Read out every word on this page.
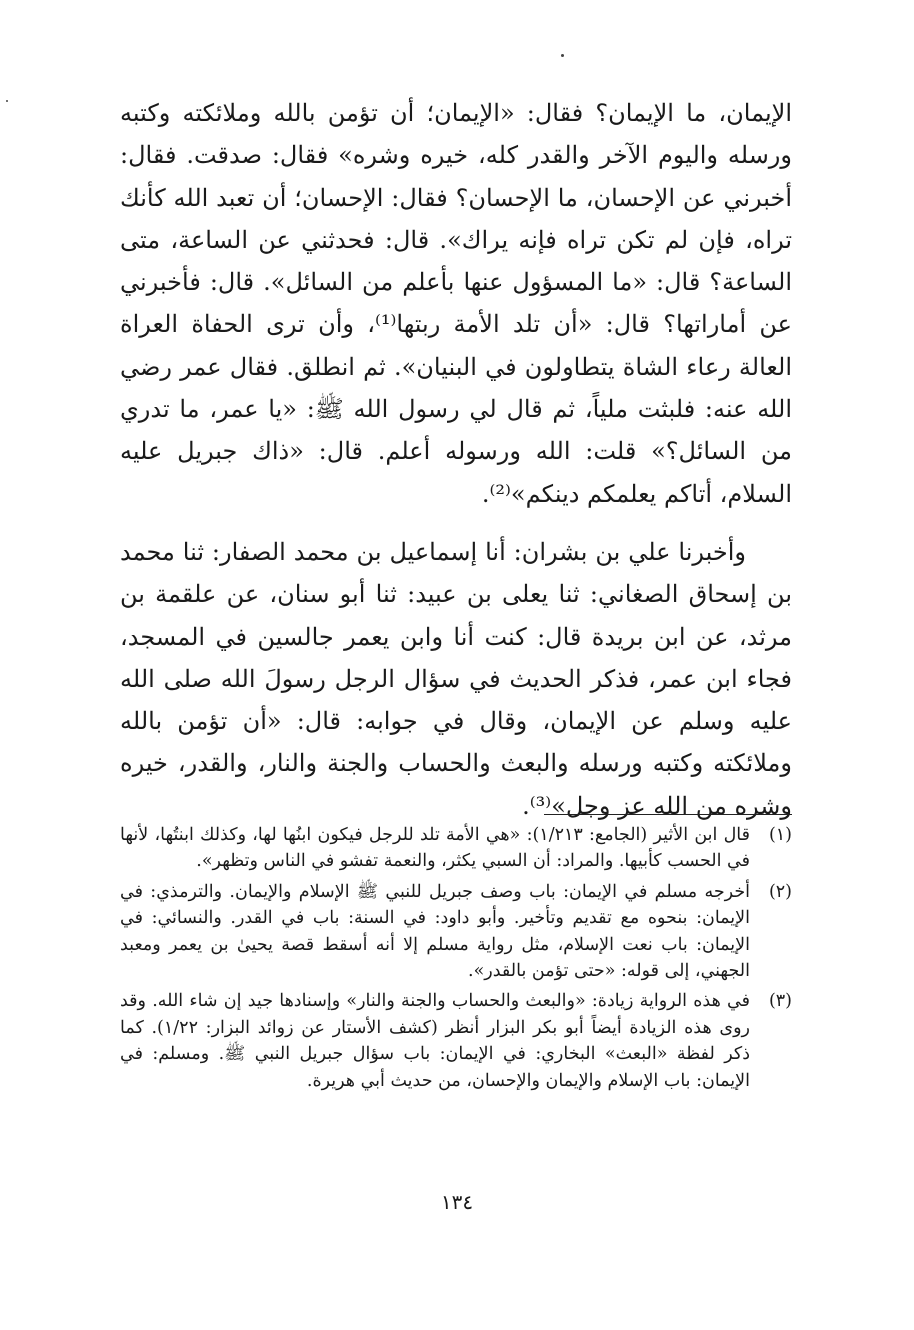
الإيمان، ما الإيمان؟ فقال: «الإيمان؛ أن تؤمن بالله وملائكته وكتبه ورسله واليوم الآخر والقدر كله، خيره وشره» فقال: صدقت. فقال: أخبرني عن الإحسان، ما الإحسان؟ فقال: الإحسان؛ أن تعبد الله كأنك تراه، فإن لم تكن تراه فإنه يراك». قال: فحدثني عن الساعة، متى الساعة؟ قال: «ما المسؤول عنها بأعلم من السائل». قال: فأخبرني عن أماراتها؟ قال: «أن تلد الأمة ربتها⁽¹⁾، وأن ترى الحفاة العراة العالة رعاء الشاة يتطاولون في البنيان». ثم انطلق. فقال عمر رضي الله عنه: فلبثت ملياً، ثم قال لي رسول الله ﷺ: «يا عمر، ما تدري من السائل؟» قلت: الله ورسوله أعلم. قال: «ذاك جبريل عليه السلام، أتاكم يعلمكم دينكم»⁽²⁾.

وأخبرنا علي بن بشران: أنا إسماعيل بن محمد الصفار: ثنا محمد بن إسحاق الصغاني: ثنا يعلى بن عبيد: ثنا أبو سنان، عن علقمة بن مرثد، عن ابن بريدة قال: كنت أنا وابن يعمر جالسين في المسجد، فجاء ابن عمر، فذكر الحديث في سؤال الرجل رسولَ الله صلى الله عليه وسلم عن الإيمان، وقال في جوابه: قال: «أن تؤمن بالله وملائكته وكتبه ورسله والبعث والحساب والجنة والنار، والقدر، خيره وشره من الله عز وجل»⁽³⁾.

(١)
قال ابن الأثير (الجامع: ١/٢١٣): «هي الأمة تلد للرجل فيكون ابنُها لها، وكذلك ابنتُها، لأنها في الحسب كأبيها. والمراد: أن السبي يكثر، والنعمة تفشو في الناس وتظهر».
(٢)
أخرجه مسلم في الإيمان: باب وصف جبريل للنبي ﷺ الإسلام والإيمان. والترمذي: في الإيمان: بنحوه مع تقديم وتأخير. وأبو داود: في السنة: باب في القدر. والنسائي: في الإيمان: باب نعت الإسلام، مثل رواية مسلم إلا أنه أسقط قصة يحيىٰ بن يعمر ومعبد الجهني، إلى قوله: «حتى تؤمن بالقدر».
(٣)
في هذه الرواية زيادة: «والبعث والحساب والجنة والنار» وإسنادها جيد إن شاء الله. وقد روى هذه الزيادة أيضاً أبو بكر البزار أنظر (كشف الأستار عن زوائد البزار: ١/٢٢). كما ذكر لفظة «البعث» البخاري: في الإيمان: باب سؤال جبريل النبي ﷺ. ومسلم: في الإيمان: باب الإسلام والإيمان والإحسان، من حديث أبي هريرة.
١٣٤
